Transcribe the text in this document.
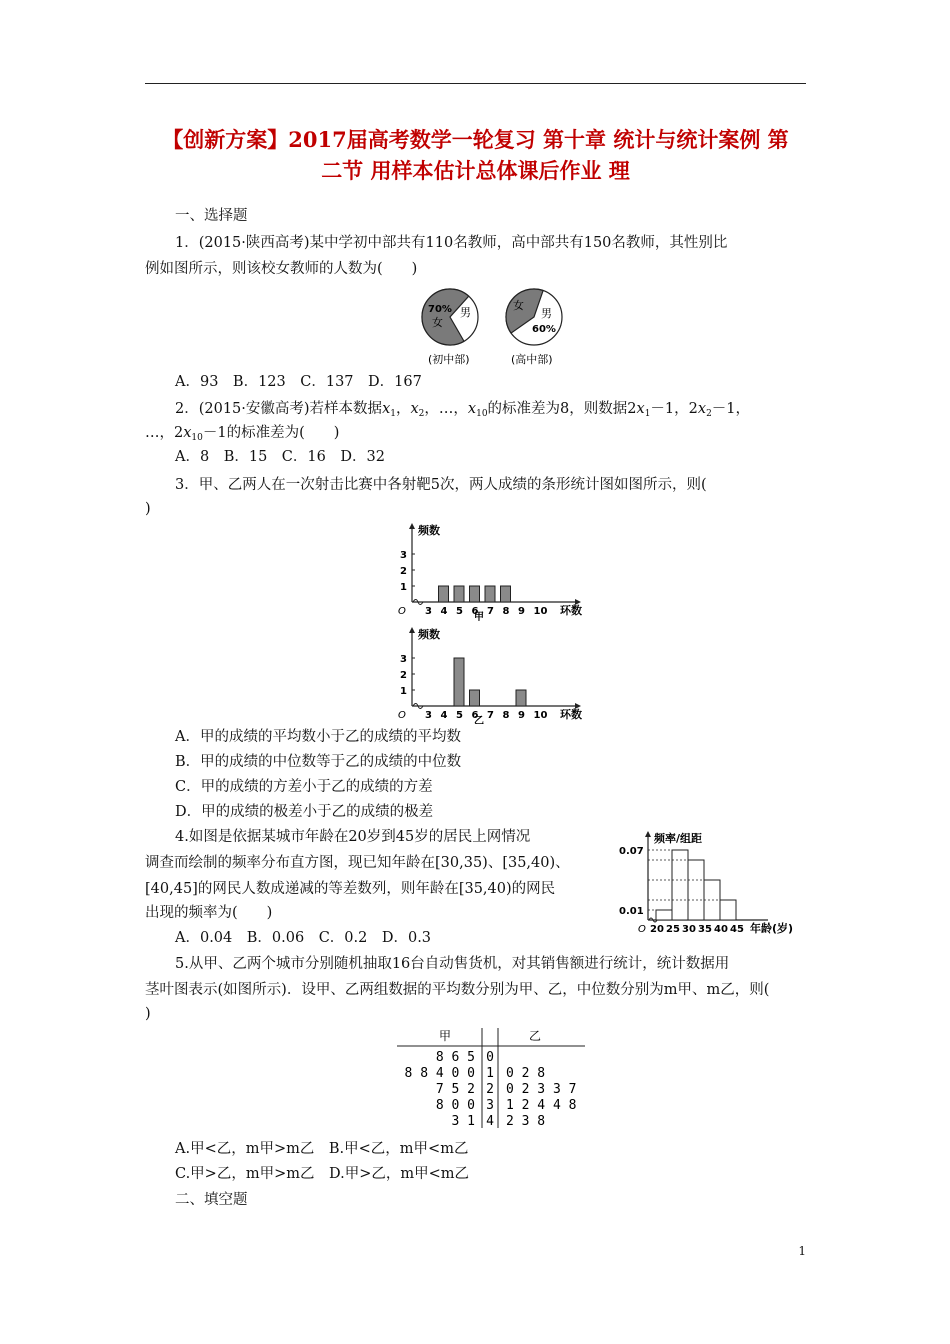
【创新方案】2017届高考数学一轮复习 第十章 统计与统计案例 第
二节 用样本估计总体课后作业 理
一、选择题
1．(2015·陕西高考)某中学初中部共有110名教师，高中部共有150名教师，其性别比
例如图所示，则该校女教师的人数为(　　)
70%
女
男
(初中部)
女
男
60%
(高中部)
A．93　B．123　C．137　D．167
2．(2015·安徽高考)若样本数据$x_1$，$x_2$，…，$x_{10}$的标准差为8，则数据$2x_1-1$，$2x_2-1$，
…，$2x_{10}-1$的标准差为(　　)
A．8　B．15　C．16　D．32
3．甲、乙两人在一次射击比赛中各射靶5次，两人成绩的条形统计图如图所示，则(
)
频数
O
1
2
3
3 4 5 6 7 8 9 10 环数
甲
频数
O
1
2
3
3 4 5 6 7 8 9 10 环数
乙
A．甲的成绩的平均数小于乙的成绩的平均数
B．甲的成绩的中位数等于乙的成绩的中位数
C．甲的成绩的方差小于乙的成绩的方差
D．甲的成绩的极差小于乙的成绩的极差
4.如图是依据某城市年龄在20岁到45岁的居民上网情况
调查而绘制的频率分布直方图，现已知年龄在[30,35)、[35,40)、
[40,45]的网民人数成递减的等差数列，则年龄在[35,40)的网民
出现的频率为(　　)
频率/组距
O
0.01
0.07
20 25 30 35 40 45 年龄(岁)
A．0.04　B．0.06　C．0.2　D．0.3
5.从甲、乙两个城市分别随机抽取16台自动售货机，对其销售额进行统计，统计数据用
茎叶图表示(如图所示)．设甲、乙两组数据的平均数分别为甲、乙，中位数分别为m甲、m乙，则(
)
甲	乙
8 6 5 0
8 8 4 0 0 1 0 2 8
7 5 2 2 0 2 3 3 7
8 0 0 3 1 2 4 4 8
3 1 4 2 3 8
A.甲<乙，m甲>m乙　B.甲<乙，m甲<m乙
C.甲>乙，m甲>m乙　D.甲>乙，m甲<m乙
二、填空题
1
